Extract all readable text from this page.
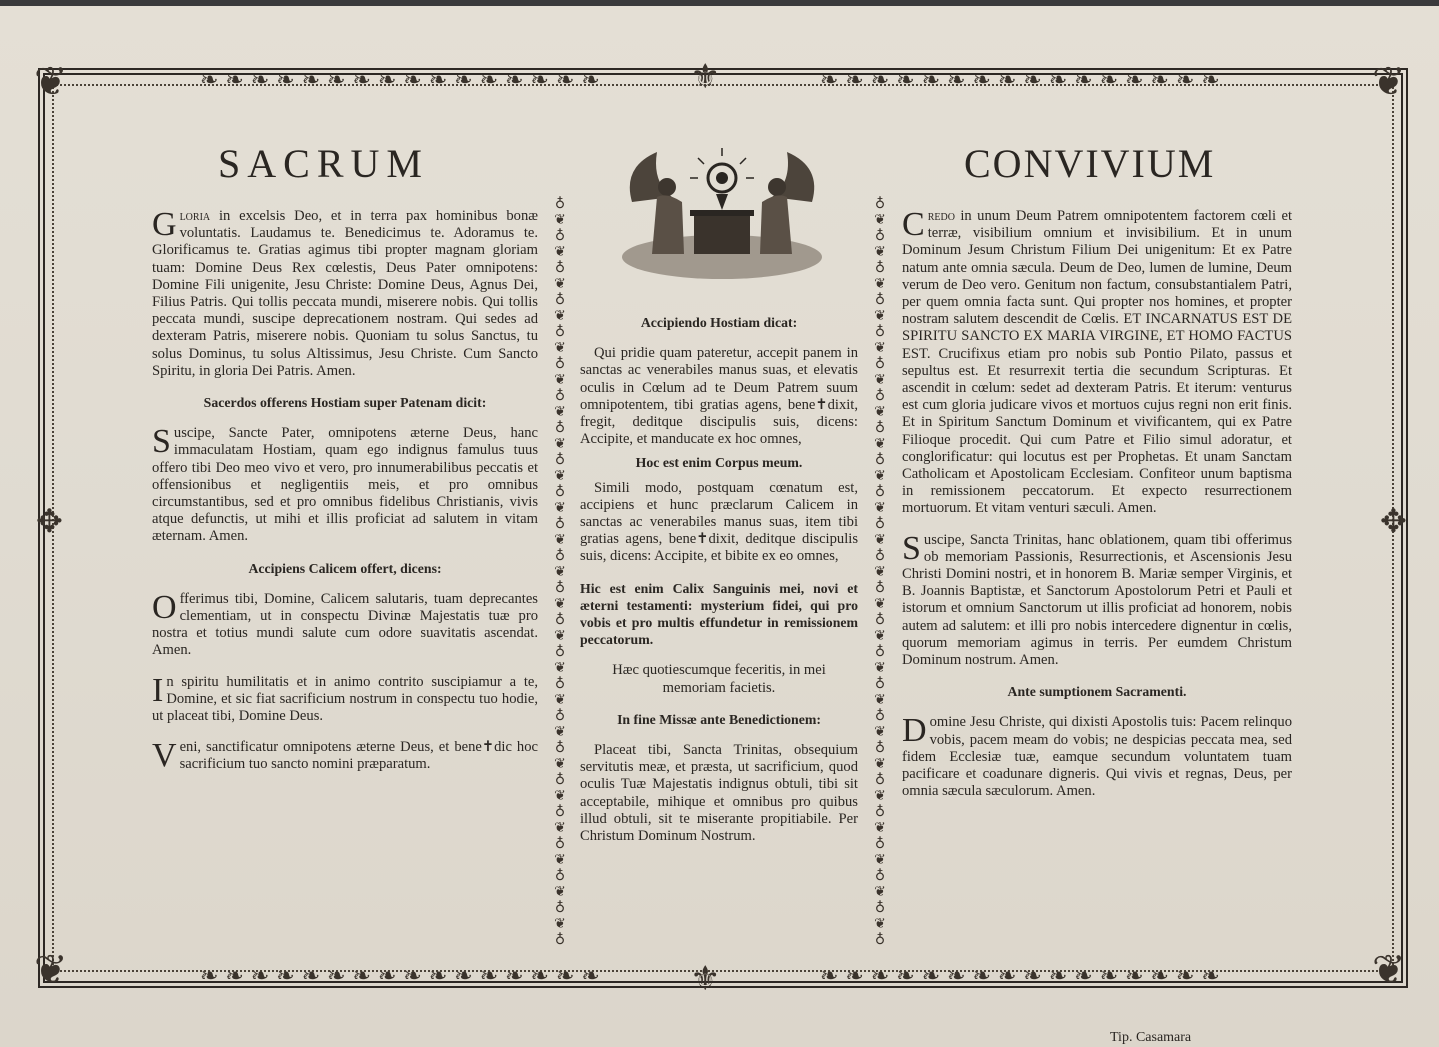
❦	❦
❦	❦
⚜
⚜
✥	✥
❧ ❧ ❧ ❧ ❧ ❧ ❧ ❧ ❧ ❧ ❧ ❧ ❧ ❧ ❧ ❧	❧ ❧ ❧ ❧ ❧ ❧ ❧ ❧ ❧ ❧ ❧ ❧ ❧ ❧ ❧ ❧
❧ ❧ ❧ ❧ ❧ ❧ ❧ ❧ ❧ ❧ ❧ ❧ ❧ ❧ ❧ ❧	❧ ❧ ❧ ❧ ❧ ❧ ❧ ❧ ❧ ❧ ❧ ❧ ❧ ❧ ❧ ❧
SACRUM	CONVIVIUM
♁
❦
♁
❦
♁
❦
♁
❦
♁
❦
♁
❦
♁
❦
♁
❦
♁
❦
♁
❦
♁
❦
♁
❦
♁
❦
♁
❦
♁
❦
♁
❦
♁
❦
♁
❦
♁
❦
♁
❦
♁
❦
♁
❦
♁
❦
♁
♁
❦
♁
❦
♁
❦
♁
❦
♁
❦
♁
❦
♁
❦
♁
❦
♁
❦
♁
❦
♁
❦
♁
❦
♁
❦
♁
❦
♁
❦
♁
❦
♁
❦
♁
❦
♁
❦
♁
❦
♁
❦
♁
❦
♁
❦
♁

Gloria in excelsis Deo, et in terra pax hominibus bonæ voluntatis. Laudamus te. Benedicimus te. Adoramus te. Glorificamus te. Gratias agimus tibi propter magnam gloriam tuam: Domine Deus Rex cœlestis, Deus Pater omnipotens: Domine Fili unigenite, Jesu Christe: Domine Deus, Agnus Dei, Filius Patris. Qui tollis peccata mundi, miserere nobis. Qui tollis peccata mundi, suscipe deprecationem nostram. Qui sedes ad dexteram Patris, miserere nobis. Quoniam tu solus Sanctus, tu solus Dominus, tu solus Altissimus, Jesu Christe. Cum Sancto Spiritu, in gloria Dei Patris. Amen.

Sacerdos offerens Hostiam super Patenam dicit:

Suscipe, Sancte Pater, omnipotens æterne Deus, hanc immaculatam Hostiam, quam ego indignus famulus tuus offero tibi Deo meo vivo et vero, pro innumerabilibus peccatis et offensionibus et negligentiis meis, et pro omnibus circumstantibus, sed et pro omnibus fidelibus Christianis, vivis atque defunctis, ut mihi et illis proficiat ad salutem in vitam æternam. Amen.

Accipiens Calicem offert, dicens:

Offerimus tibi, Domine, Calicem salutaris, tuam deprecantes clementiam, ut in conspectu Divinæ Majestatis tuæ pro nostra et totius mundi salute cum odore suavitatis ascendat. Amen.

In spiritu humilitatis et in animo contrito suscipiamur a te, Domine, et sic fiat sacrificium nostrum in conspectu tuo hodie, ut placeat tibi, Domine Deus.

Veni, sanctificatur omnipotens æterne Deus, et bene✝dic hoc sacrificium tuo sancto nomini præparatum.

Accipiendo Hostiam dicat:

Qui pridie quam pateretur, accepit panem in sanctas ac venerabiles manus suas, et elevatis oculis in Cœlum ad te Deum Patrem suum omnipotentem, tibi gratias agens, bene✝dixit, fregit, deditque discipulis suis, dicens: Accipite, et manducate ex hoc omnes,

Hoc est enim Corpus meum.

Simili modo, postquam cœnatum est, accipiens et hunc præclarum Calicem in sanctas ac venerabiles manus suas, item tibi gratias agens, bene✝dixit, deditque discipulis suis, dicens: Accipite, et bibite ex eo omnes,

Hic est enim Calix Sanguinis mei, novi et æterni testamenti: mysterium fidei, qui pro vobis et pro multis effundetur in remissionem peccatorum.

Hæc quotiescumque feceritis, in mei memoriam facietis.

In fine Missæ ante Benedictionem:

Placeat tibi, Sancta Trinitas, obsequium servitutis meæ, et præsta, ut sacrificium, quod oculis Tuæ Majestatis indignus obtuli, tibi sit acceptabile, mihique et omnibus pro quibus illud obtuli, sit te miserante propitiabile. Per Christum Dominum Nostrum.

Credo in unum Deum Patrem omnipotentem factorem cœli et terræ, visibilium omnium et invisibilium. Et in unum Dominum Jesum Christum Filium Dei unigenitum: Et ex Patre natum ante omnia sæcula. Deum de Deo, lumen de lumine, Deum verum de Deo vero. Genitum non factum, consubstantialem Patri, per quem omnia facta sunt. Qui propter nos homines, et propter nostram salutem descendit de Cœlis. ET INCARNATUS EST DE SPIRITU SANCTO EX MARIA VIRGINE, ET HOMO FACTUS EST. Crucifixus etiam pro nobis sub Pontio Pilato, passus et sepultus est. Et resurrexit tertia die secundum Scripturas. Et ascendit in cœlum: sedet ad dexteram Patris. Et iterum: venturus est cum gloria judicare vivos et mortuos cujus regni non erit finis. Et in Spiritum Sanctum Dominum et vivificantem, qui ex Patre Filioque procedit. Qui cum Patre et Filio simul adoratur, et conglorificatur: qui locutus est per Prophetas. Et unam Sanctam Catholicam et Apostolicam Ecclesiam. Confiteor unum baptisma in remissionem peccatorum. Et expecto resurrectionem mortuorum. Et vitam venturi sæculi. Amen.

Suscipe, Sancta Trinitas, hanc oblationem, quam tibi offerimus ob memoriam Passionis, Resurrectionis, et Ascensionis Jesu Christi Domini nostri, et in honorem B. Mariæ semper Virginis, et B. Joannis Baptistæ, et Sanctorum Apostolorum Petri et Pauli et istorum et omnium Sanctorum ut illis proficiat ad honorem, nobis autem ad salutem: et illi pro nobis intercedere dignentur in cœlis, quorum memoriam agimus in terris. Per eumdem Christum Dominum nostrum. Amen.

Ante sumptionem Sacramenti.

Domine Jesu Christe, qui dixisti Apostolis tuis: Pacem relinquo vobis, pacem meam do vobis; ne despicias peccata mea, sed fidem Ecclesiæ tuæ, eamque secundum voluntatem tuam pacificare et coadunare digneris. Qui vivis et regnas, Deus, per omnia sæcula sæculorum. Amen.

Tip. Casamara
